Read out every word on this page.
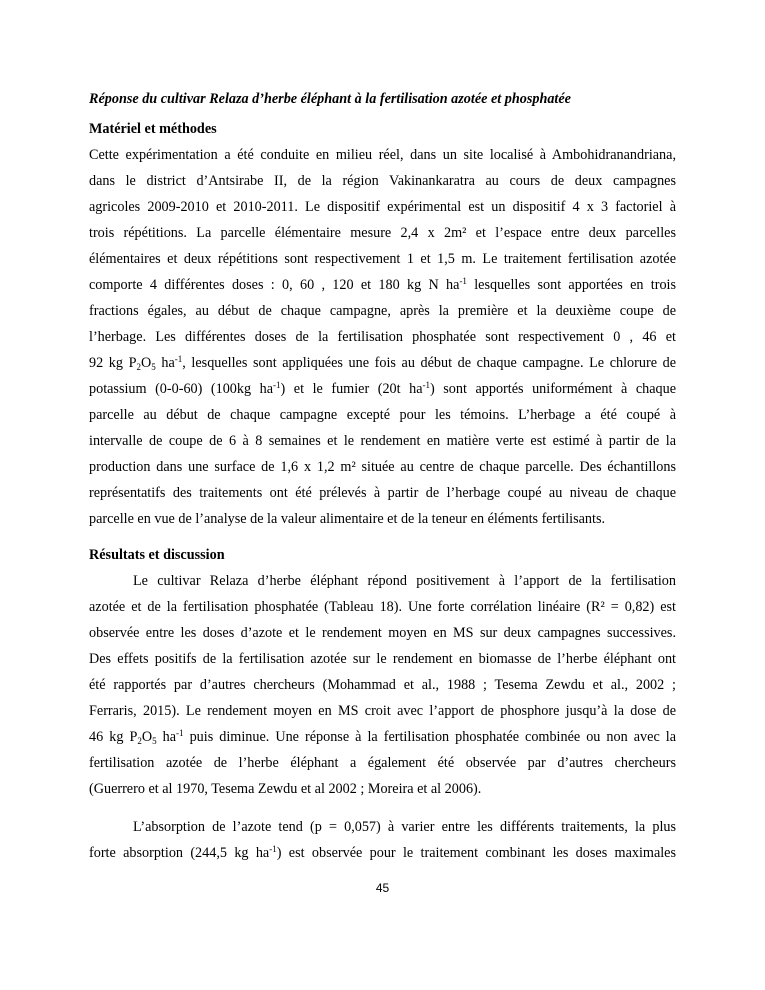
Réponse du cultivar Relaza d’herbe éléphant à la fertilisation azotée et phosphatée

Matériel et méthodes

Cette expérimentation a été conduite en milieu réel, dans un site localisé à Ambohidranandriana,
dans le district d’Antsirabe II, de la région Vakinankaratra au cours de deux campagnes
agricoles 2009-2010 et 2010-2011. Le dispositif expérimental est un dispositif 4 x 3 factoriel à
trois répétitions. La parcelle élémentaire mesure 2,4 x 2m² et l’espace entre deux parcelles
élémentaires et deux répétitions sont respectivement 1 et 1,5 m. Le traitement fertilisation azotée
comporte 4 différentes doses : 0, 60 , 120 et 180 kg N $ha^{-1}$ lesquelles sont apportées en trois
fractions égales, au début de chaque campagne, après la première et la deuxième coupe de
l’herbage. Les différentes doses de la fertilisation phosphatée sont respectivement 0 , 46 et
92 kg $P_2O_5$ $ha^{-1}$, lesquelles sont appliquées une fois au début de chaque campagne. Le chlorure de
potassium (0-0-60) (100kg $ha^{-1}$) et le fumier (20t $ha^{-1}$) sont apportés uniformément à chaque
parcelle au début de chaque campagne excepté pour les témoins. L’herbage a été coupé à
intervalle de coupe de 6 à 8 semaines et le rendement en matière verte est estimé à partir de la
production dans une surface de 1,6 x 1,2 m² située au centre de chaque parcelle. Des échantillons
représentatifs des traitements ont été prélevés à partir de l’herbage coupé au niveau de chaque
parcelle en vue de l’analyse de la valeur alimentaire et de la teneur en éléments fertilisants.

Résultats et discussion

Le cultivar Relaza d’herbe éléphant répond positivement à l’apport de la fertilisation
azotée et de la fertilisation phosphatée (Tableau 18). Une forte corrélation linéaire (R² = 0,82) est
observée entre les doses d’azote et le rendement moyen en MS sur deux campagnes successives.
Des effets positifs de la fertilisation azotée sur le rendement en biomasse de l’herbe éléphant ont
été rapportés par d’autres chercheurs (Mohammad et al., 1988 ; Tesema Zewdu et al., 2002 ;
Ferraris, 2015). Le rendement moyen en MS croit avec l’apport de phosphore jusqu’à la dose de
46 kg $P_2O_5$ $ha^{-1}$ puis diminue. Une réponse à la fertilisation phosphatée combinée ou non avec la
fertilisation azotée de l’herbe éléphant a également été observée par d’autres chercheurs
(Guerrero et al 1970, Tesema Zewdu et al 2002 ; Moreira et al 2006).
L’absorption de l’azote tend (p = 0,057) à varier entre les différents traitements, la plus
forte absorption (244,5 kg $ha^{-1}$) est observée pour le traitement combinant les doses maximales
45
